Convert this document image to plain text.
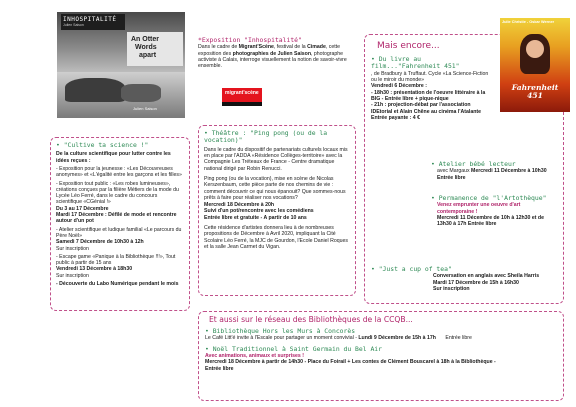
INHOSPITALITÉ
Julien Saison
An Otter
Words
apart
Julien Saison
*Exposition "Inhospitalité"
Dans le cadre de Migrant'Scène, festival de la Cimade, cette exposition des photographies de Julien Saison, photographe activiste à Calais, interroge visuellement la notion de savoir-vivre ensemble.
migrant'scène
• "Cultive ta science !"

De la culture scientifique pour lutter contre les idées reçues :

- Exposition pour la jeunesse : «Les Découvreuses anonymes» et «L'égalité entre les garçons et les filles»

- Exposition tout public : «Les robes lumineuses», créations conçues par la filière Métiers de la mode du Lycée Léo Ferré, dans le cadre du concours scientifique «CGénial !»

Du 3 au 17 Décembre

Mardi 17 Décembre : Défilé de mode et rencontre autour d'un pot

- Atelier scientifique et ludique familial «Le parcours du Père Noël»
Samedi 7 Décembre de 10h30 à 12h

Sur inscription

- Escape game «Panique à la Bibliothèque !!!», Tout public à partir de 15 ans
Vendredi 13 Décembre à 18h30

Sur inscription

- Découverte du Labo Numérique pendant le mois
• Théâtre : "Ping pong (ou de la vocation)"

Dans le cadre du dispositif de partenariats culturels locaux mis en place par l'ADDA «Résidence Collèges-territoire» avec la Compagnie Les Tréteaux de France - Centre dramatique national dirigé par Robin Renucci.

Ping pong (ou de la vocation), mise en scène de Nicolas Kerszenbaum, cette pièce parte de nos chemins de vie : comment découvrir ce qui nous épanouit? Que sommes-nous prêts à faire pour réaliser nos vocations?

Mercredi 18 Décembre à 20h
Suivi d'un pot/rencontre avec les comédiens

Entrée libre et gratuite - A partir de 10 ans

Cette résidence d'artistes donnera lieu à de nombreuses propositions de Décembre à Avril 2020, impliquant la Cité Scolaire Léo Ferré, la MJC de Gourdon, l'Ecole Daniel Roques et la salle Jean Carmet du Vigan.

Mais encore...
• Du livre au film..."Fahrenheit 451"
, de Bradbury à Truffaut. Cycle «La Science-Fiction ou le miroir du monde»
Vendredi 6 Décembre :
- 18h30 : présentation de l'oeuvre littéraire à la BIG - Entrée libre + pique-nique
- 21h : projection-débat par l'association IDEtorial et Alain Chêne au cinéma l'Atalante
Entrée payante : 4 €
• Atelier bébé lecteur
avec Margaux Mercredi 11 Décembre à 10h30 Entrée libre
• Permanence de "l'Artothèque"
Venez emprunter une oeuvre d'art contemporaine !
Mercredi 11 Décembre de 10h à 12h30 et de 13h30 à 17h Entrée libre
• "Just a cup of tea"
Conversation en anglais avec Sheila Harris
Mardi 17 Décembre de 15h à 16h30
Sur inscription
Julie Christie - Oskar Werner
Fahrenheit 451
Et aussi sur le réseau des Bibliothèques de la CCQB...
• Bibliothèque Hors les Murs à Concorès
Le Café Litt'é invite à l'Escale pour partager un moment convivial - Lundi 9 Décembre de 15h à 17h Entrée libre
• Noël Traditionnel à Saint Germain du Bel Air
Avec animations, animaux et surprises !
Mercredi 18 Décembre à partir de 14h30 - Place du Foirail + Les contes de Clément Bouscarel à 18h à la Bibliothèque - Entrée libre
